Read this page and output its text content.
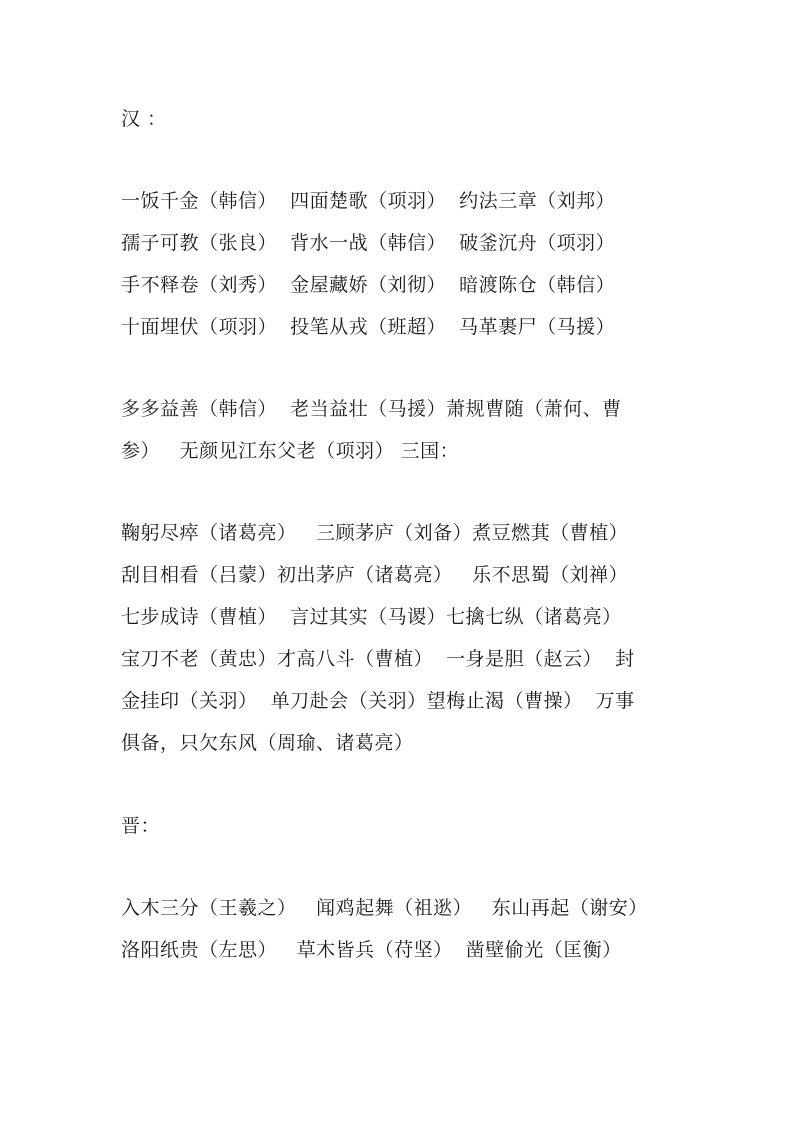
汉 ：
一饭千金（韩信）  四面楚歌（项羽）  约法三章（刘邦）
孺子可教（张良）  背水一战（韩信）  破釜沉舟（项羽）
手不释卷（刘秀）  金屋藏娇（刘彻）  暗渡陈仓（韩信）
十面埋伏（项羽）  投笔从戎（班超）  马革裹尸（马援）
多多益善（韩信）  老当益壮（马援）萧规曹随（萧何、曹
参）   无颜见江东父老（项羽） 三国：
鞠躬尽瘁（诸葛亮）   三顾茅庐（刘备）煮豆燃萁（曹植）
刮目相看（吕蒙）初出茅庐（诸葛亮）   乐不思蜀（刘禅）
七步成诗（曹植）  言过其实（马谡）七擒七纵（诸葛亮）
宝刀不老（黄忠）才高八斗（曹植）  一身是胆（赵云）  封
金挂印（关羽）  单刀赴会（关羽）望梅止渴（曹操）  万事
俱备，只欠东风（周瑜、诸葛亮）
晋：
入木三分（王羲之）   闻鸡起舞（祖逖）   东山再起（谢安）
洛阳纸贵（左思）   草木皆兵（苻坚）  凿壁偷光（匡衡）
